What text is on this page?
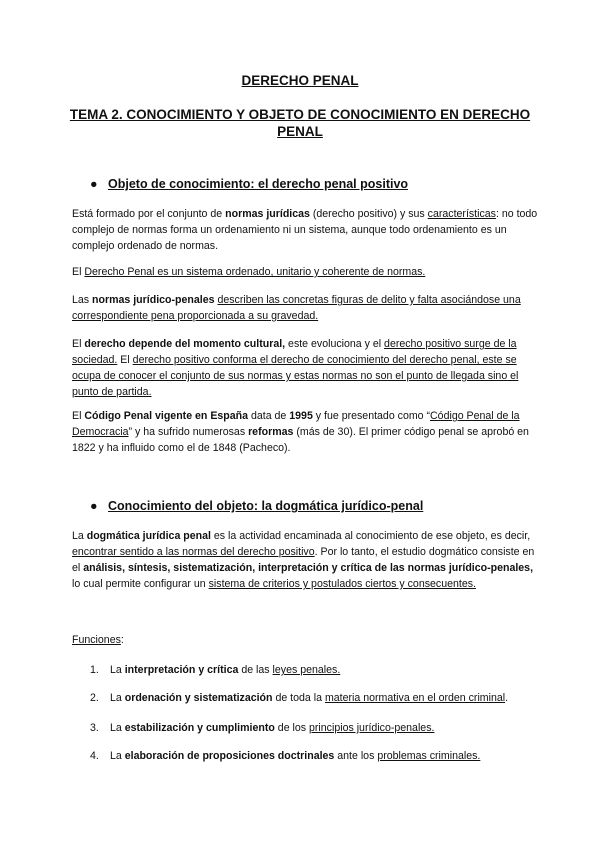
DERECHO PENAL
TEMA 2. CONOCIMIENTO Y OBJETO DE CONOCIMIENTO EN DERECHO PENAL
● Objeto de conocimiento: el derecho penal positivo

Está formado por el conjunto de normas jurídicas (derecho positivo) y sus características: no todo complejo de normas forma un ordenamiento ni un sistema, aunque todo ordenamiento es un complejo ordenado de normas.

El Derecho Penal es un sistema ordenado, unitario y coherente de normas.

Las normas jurídico-penales describen las concretas figuras de delito y falta asociándose una correspondiente pena proporcionada a su gravedad.

El derecho depende del momento cultural, este evoluciona y el derecho positivo surge de la sociedad. El derecho positivo conforma el derecho de conocimiento del derecho penal, este se ocupa de conocer el conjunto de sus normas y estas normas no son el punto de llegada sino el punto de partida.

El Código Penal vigente en España data de 1995 y fue presentado como “Código Penal de la Democracia” y ha sufrido numerosas reformas (más de 30). El primer código penal se aprobó en 1822 y ha influido como el de 1848 (Pacheco).

● Conocimiento del objeto: la dogmática jurídico-penal

La dogmática jurídica penal es la actividad encaminada al conocimiento de ese objeto, es decir, encontrar sentido a las normas del derecho positivo. Por lo tanto, el estudio dogmático consiste en el análisis, síntesis, sistematización, interpretación y crítica de las normas jurídico-penales, lo cual permite configurar un sistema de criterios y postulados ciertos y consecuentes.

Funciones:

1. La interpretación y crítica de las leyes penales.

2. La ordenación y sistematización de toda la materia normativa en el orden criminal.

3. La estabilización y cumplimiento de los principios jurídico-penales.

4. La elaboración de proposiciones doctrinales ante los problemas criminales.
